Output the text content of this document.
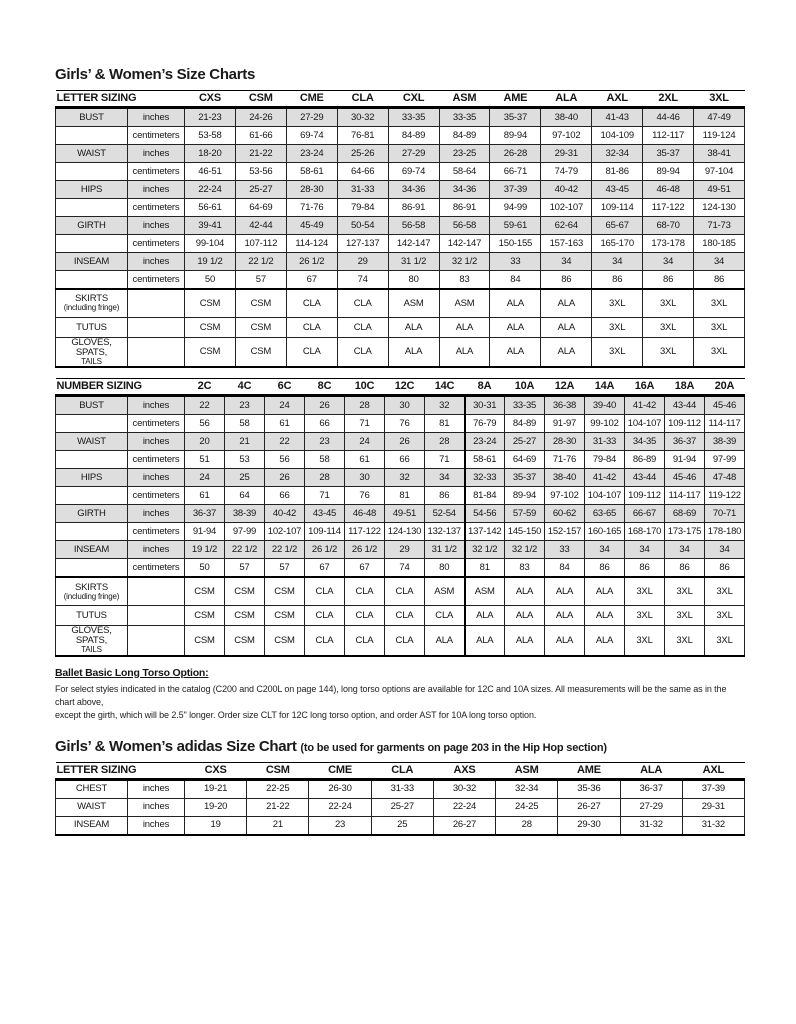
Girls’ & Women’s Size Charts
LETTER SIZING		CXS	CSM	CME	CLA	CXL	ASM	AME	ALA	AXL	2XL	3XL

BUST	inches	21-23	24-26	27-29	30-32	33-35	33-35	35-37	38-40	41-43	44-46	47-49
	centimeters	53-58	61-66	69-74	76-81	84-89	84-89	89-94	97-102	104-109	112-117	119-124

WAIST	inches	18-20	21-22	23-24	25-26	27-29	23-25	26-28	29-31	32-34	35-37	38-41
	centimeters	46-51	53-56	58-61	64-66	69-74	58-64	66-71	74-79	81-86	89-94	97-104

HIPS	inches	22-24	25-27	28-30	31-33	34-36	34-36	37-39	40-42	43-45	46-48	49-51
	centimeters	56-61	64-69	71-76	79-84	86-91	86-91	94-99	102-107	109-114	117-122	124-130

GIRTH	inches	39-41	42-44	45-49	50-54	56-58	56-58	59-61	62-64	65-67	68-70	71-73
	centimeters	99-104	107-112	114-124	127-137	142-147	142-147	150-155	157-163	165-170	173-178	180-185

INSEAM	inches	19 1/2	22 1/2	26 1/2	29	31 1/2	32 1/2	33	34	34	34	34
	centimeters	50	57	67	74	80	83	84	86	86	86	86

SKIRTS
(including fringe)		CSM	CSM	CLA	CLA	ASM	ASM	ALA	ALA	3XL	3XL	3XL

TUTUS		CSM	CSM	CLA	CLA	ALA	ALA	ALA	ALA	3XL	3XL	3XL

GLOVES, SPATS,
TAILS		CSM	CSM	CLA	CLA	ALA	ALA	ALA	ALA	3XL	3XL	3XL
NUMBER SIZING		2C	4C	6C	8C	10C	12C	14C	8A	10A	12A	14A	16A	18A	20A

BUST	inches	22	23	24	26	28	30	32	30-31	33-35	36-38	39-40	41-42	43-44	45-46
	centimeters	56	58	61	66	71	76	81	76-79	84-89	91-97	99-102	104-107	109-112	114-117

WAIST	inches	20	21	22	23	24	26	28	23-24	25-27	28-30	31-33	34-35	36-37	38-39
	centimeters	51	53	56	58	61	66	71	58-61	64-69	71-76	79-84	86-89	91-94	97-99

HIPS	inches	24	25	26	28	30	32	34	32-33	35-37	38-40	41-42	43-44	45-46	47-48
	centimeters	61	64	66	71	76	81	86	81-84	89-94	97-102	104-107	109-112	114-117	119-122

GIRTH	inches	36-37	38-39	40-42	43-45	46-48	49-51	52-54	54-56	57-59	60-62	63-65	66-67	68-69	70-71
	centimeters	91-94	97-99	102-107	109-114	117-122	124-130	132-137	137-142	145-150	152-157	160-165	168-170	173-175	178-180

INSEAM	inches	19 1/2	22 1/2	22 1/2	26 1/2	26 1/2	29	31 1/2	32 1/2	32 1/2	33	34	34	34	34
	centimeters	50	57	57	67	67	74	80	81	83	84	86	86	86	86

SKIRTS
(including fringe)		CSM	CSM	CSM	CLA	CLA	CLA	ASM	ASM	ALA	ALA	ALA	3XL	3XL	3XL

TUTUS		CSM	CSM	CSM	CLA	CLA	CLA	CLA	ALA	ALA	ALA	ALA	3XL	3XL	3XL

GLOVES, SPATS,
TAILS		CSM	CSM	CSM	CLA	CLA	CLA	ALA	ALA	ALA	ALA	ALA	3XL	3XL	3XL
Ballet Basic Long Torso Option:
For select styles indicated in the catalog (C200 and C200L on page 144), long torso options are available for 12C and 10A sizes. All measurements will be the same as in the chart above,
except the girth, which will be 2.5" longer. Order size CLT for 12C long torso option, and order AST for 10A long torso option.
Girls’ & Women’s adidas Size Chart (to be used for garments on page 203 in the Hip Hop section)
LETTER SIZING		CXS	CSM	CME	CLA	AXS	ASM	AME	ALA	AXL

CHEST	inches	19-21	22-25	26-30	31-33	30-32	32-34	35-36	36-37	37-39

WAIST	inches	19-20	21-22	22-24	25-27	22-24	24-25	26-27	27-29	29-31

INSEAM	inches	19	21	23	25	26-27	28	29-30	31-32	31-32
